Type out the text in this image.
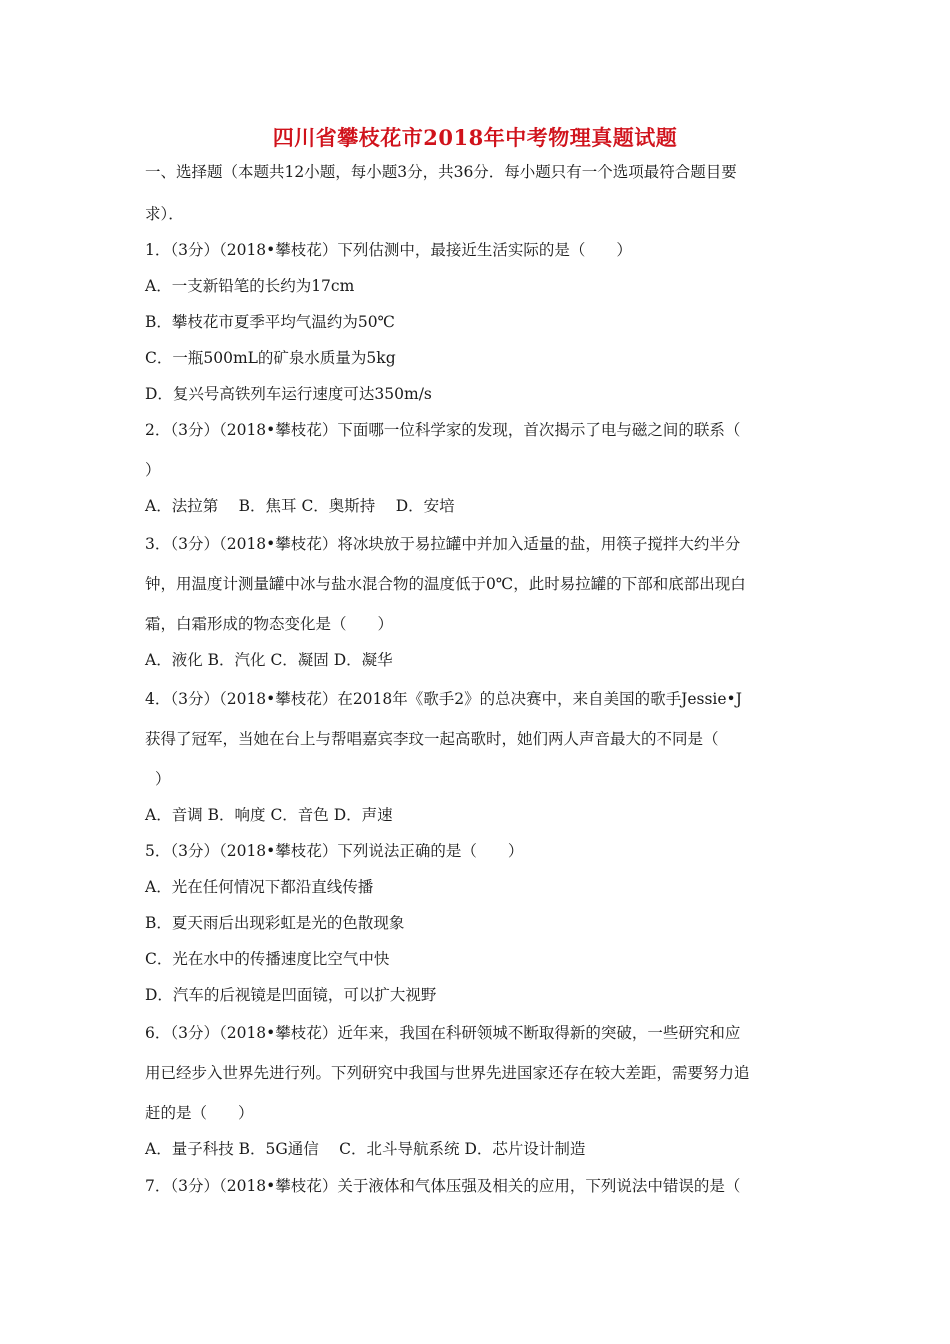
四川省攀枝花市2018年中考物理真题试题
一、选择题（本题共12小题，每小题3分，共36分．每小题只有一个选项最符合题目要
求）．
1．（3分）（2018•攀枝花）下列估测中，最接近生活实际的是（　　）
A．一支新铅笔的长约为17cm
B．攀枝花市夏季平均气温约为50℃
C．一瓶500mL的矿泉水质量为5kg
D．复兴号高铁列车运行速度可达350m/s
2．（3分）（2018•攀枝花）下面哪一位科学家的发现，首次揭示了电与磁之间的联系（
）
A．法拉第　 B．焦耳 C．奥斯持　 D．安培
3．（3分）（2018•攀枝花）将冰块放于易拉罐中并加入适量的盐，用筷子搅拌大约半分
钟，用温度计测量罐中冰与盐水混合物的温度低于0℃，此时易拉罐的下部和底部出现白
霜，白霜形成的物态变化是（　　）
A．液化 B．汽化 C．凝固 D．凝华
4．（3分）（2018•攀枝花）在2018年《歌手2》的总决赛中，来自美国的歌手Jessie•J
获得了冠军，当她在台上与帮唱嘉宾李玟一起高歌时，她们两人声音最大的不同是（
）
A．音调 B．响度 C．音色 D．声速
5．（3分）（2018•攀枝花）下列说法正确的是（　　）
A．光在任何情况下都沿直线传播
B．夏天雨后出现彩虹是光的色散现象
C．光在水中的传播速度比空气中快
D．汽车的后视镜是凹面镜，可以扩大视野
6．（3分）（2018•攀枝花）近年来，我国在科研领城不断取得新的突破，一些研究和应
用已经步入世界先进行列。下列研究中我国与世界先进国家还存在较大差距，需要努力追
赶的是（　　）
A．量子科技 B．5G通信　 C．北斗导航系统 D．芯片设计制造
7．（3分）（2018•攀枝花）关于液体和气体压强及相关的应用，下列说法中错误的是（
